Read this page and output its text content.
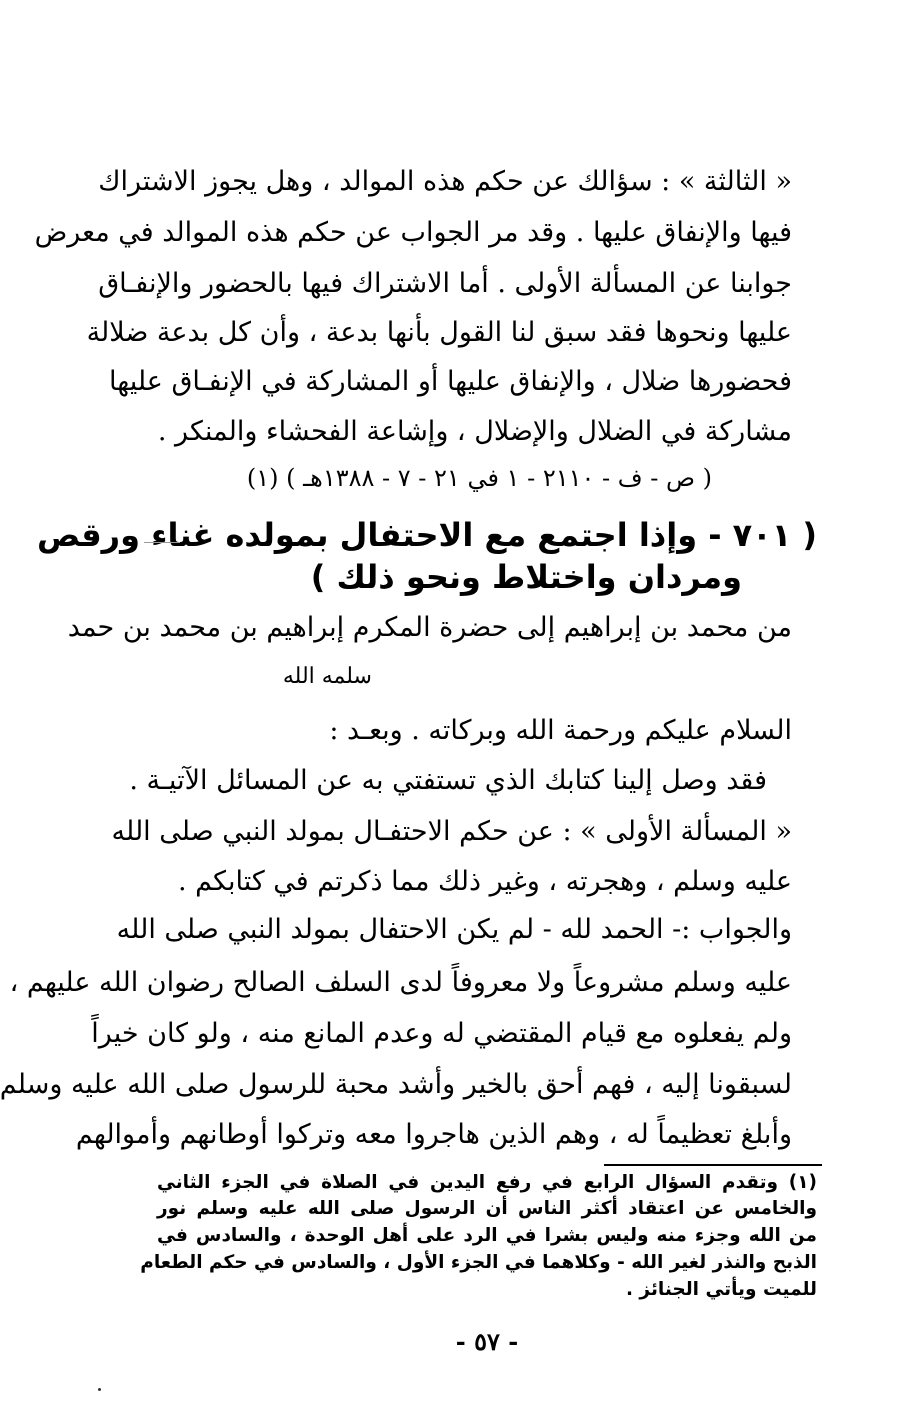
« الثالثة » : سؤالك عن حكم هذه الموالد ، وهل يجوز الاشتراك
فيها والإنفاق عليها . وقد مر الجواب عن حكم هذه الموالد في معرض
جوابنا عن المسألة الأولى . أما الاشتراك فيها بالحضور والإنفـاق
عليها ونحوها فقد سبق لنا القول بأنها بدعة ، وأن كل بدعة ضلالة
فحضورها ضلال ، والإنفاق عليها أو المشاركة في الإنفـاق عليها
مشاركة في الضلال والإضلال ، وإشاعة الفحشاء والمنكر .
( ص - ف - ٢١١٠ - ١ في ٢١ - ٧ - ١٣٨٨هـ ) (١)
( ٧٠١ - وإذا اجتمع مع الاحتفال بمولده غناء ورقص
ومردان واختلاط ونحو ذلك )
من محمد بن إبراهيم إلى حضرة المكرم إبراهيم بن محمد بن حمد
سلمه الله
السلام عليكم ورحمة الله وبركاته . وبعـد :
فقد وصل إلينا كتابك الذي تستفتي به عن المسائل الآتيـة .
« المسألة الأولى » : عن حكم الاحتفـال بمولد النبي صلى الله
عليه وسلم ، وهجرته ، وغير ذلك مما ذكرتم في كتابكم .
والجواب :- الحمد لله - لم يكن الاحتفال بمولد النبي صلى الله
عليه وسلم مشروعاً ولا معروفاً لدى السلف الصالح رضوان الله عليهم ،
ولم يفعلوه مع قيام المقتضي له وعدم المانع منه ، ولو كان خيراً
لسبقونا إليه ، فهم أحق بالخير وأشد محبة للرسول صلى الله عليه وسلم
وأبلغ تعظيماً له ، وهم الذين هاجروا معه وتركوا أوطانهم وأموالهم
(١) وتقدم السؤال الرابع في رفع اليدين في الصلاة في الجزء الثاني
والخامس عن اعتقاد أكثر الناس أن الرسول صلى الله عليه وسلم نور
من الله وجزء منه وليس بشرا في الرد على أهل الوحدة ، والسادس في
الذبح والنذر لغير الله - وكلاهما في الجزء الأول ، والسادس في حكم الطعام
للميت ويأتي الجنائز .
- ٥٧ -
